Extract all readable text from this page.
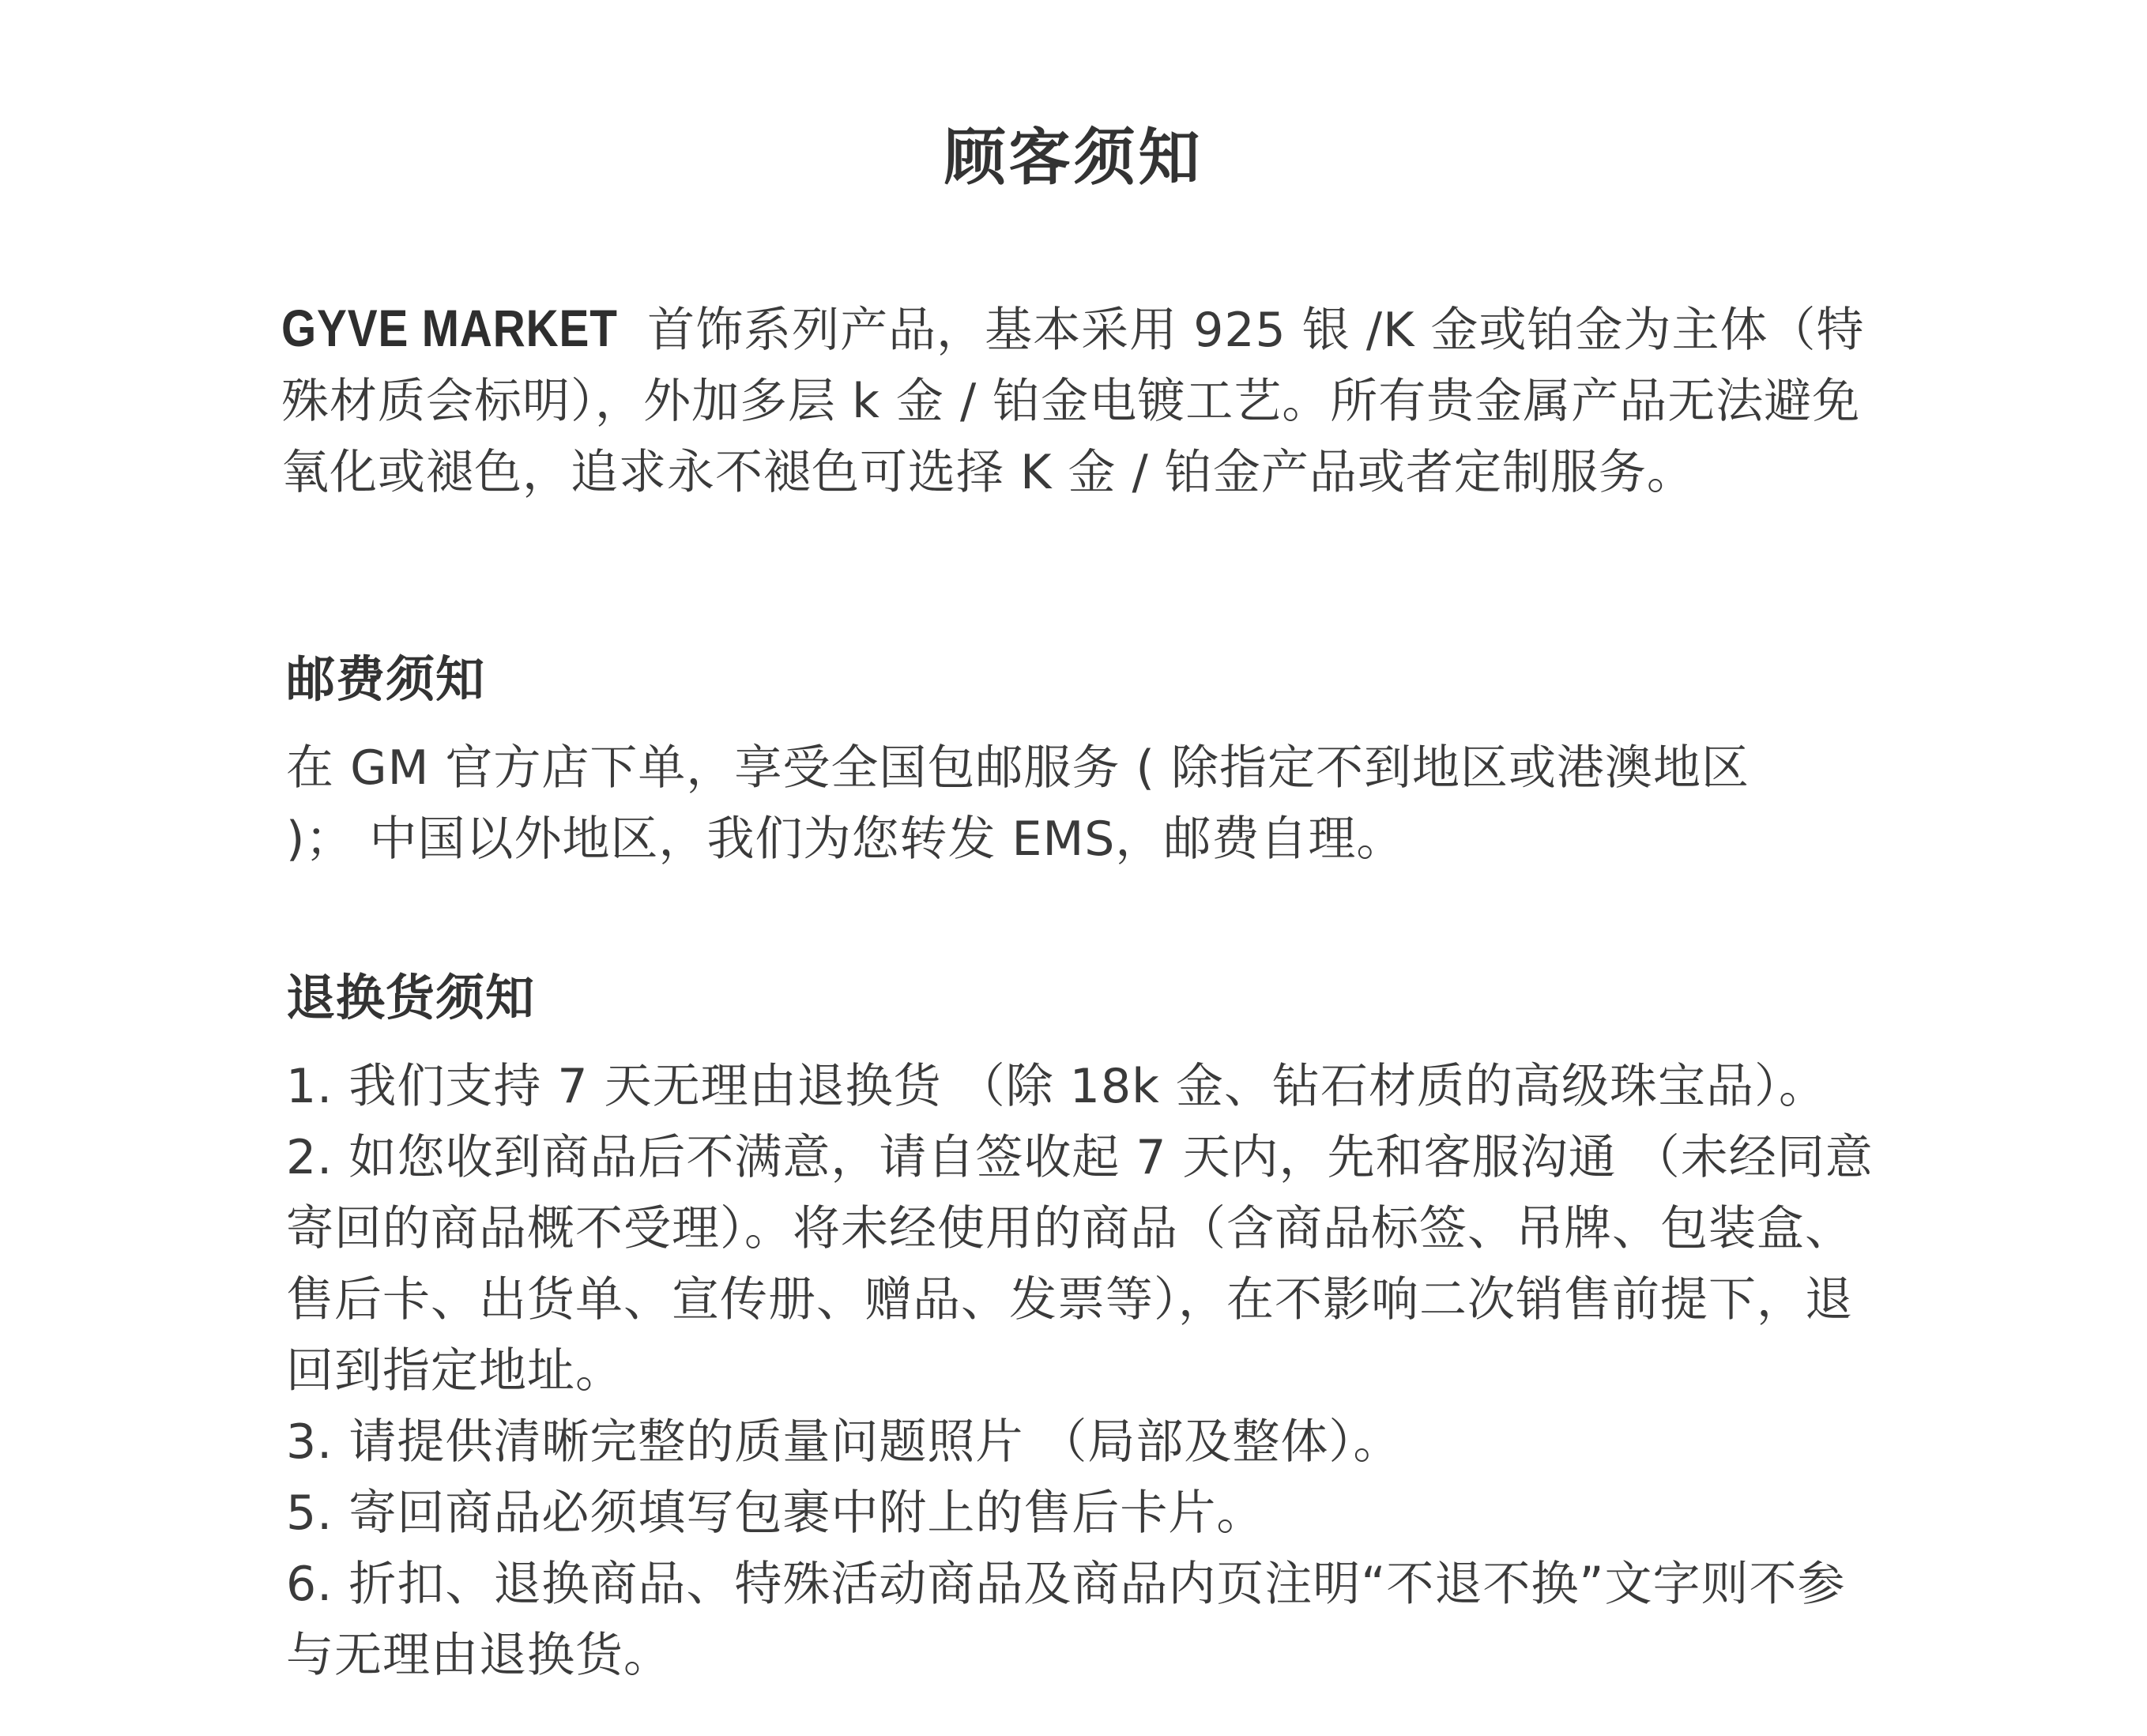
顾客须知

GYVE MARKET 首饰系列产品，基本采用 925 银 /K 金或铂金为主体（特殊材质会标明），外加多层 k 金 / 铂金电镀工艺。所有贵金属产品无法避免氧化或褪色，追求永不褪色可选择 K 金 / 铂金产品或者定制服务。

邮费须知

在 GM 官方店下单，享受全国包邮服务 ( 除指定不到地区或港澳地区 )； 中国以外地区，我们为您转发 EMS，邮费自理。

退换货须知

1. 我们支持 7 天无理由退换货 （除 18k 金、钻石材质的高级珠宝品）。

2. 如您收到商品后不满意，请自签收起 7 天内，先和客服沟通 （未经同意寄回的商品概不受理）。将未经使用的商品（含商品标签、吊牌、包装盒、售后卡、出货单、宣传册、赠品、发票等），在不影响二次销售前提下，退回到指定地址。

3. 请提供清晰完整的质量问题照片 （局部及整体）。

5. 寄回商品必须填写包裹中附上的售后卡片。

6. 折扣、退换商品、特殊活动商品及商品内页注明“不退不换”文字则不参与无理由退换货。
